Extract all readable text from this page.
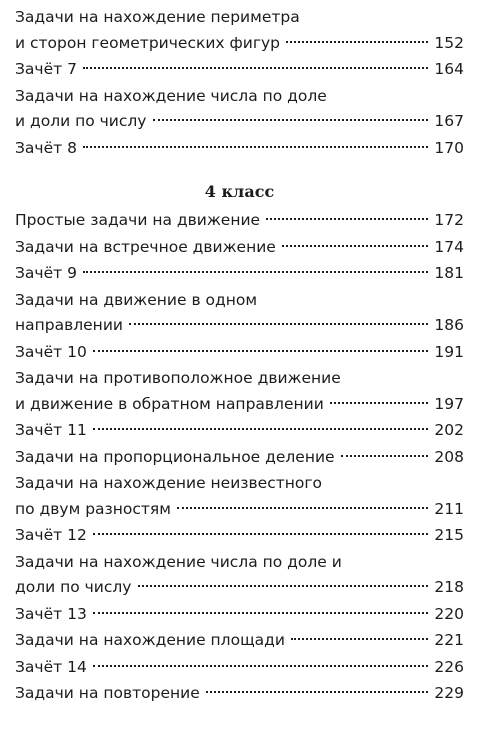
Задачи на нахождение периметра
и сторон геометрических фигур	152
Зачёт 7	164
Задачи на нахождение числа по доле
и доли по числу	167
Зачёт 8	170
4 класс
Простые задачи на движение	172
Задачи на встречное движение	174
Зачёт 9	181
Задачи на движение в одном
направлении	186
Зачёт 10	191
Задачи на противоположное движение
и движение в обратном направлении	197
Зачёт 11	202
Задачи на пропорциональное деление	208
Задачи на нахождение неизвестного
по двум разностям	211
Зачёт 12	215
Задачи на нахождение числа по доле и
доли по числу	218
Зачёт 13	220
Задачи на нахождение площади	221
Зачёт 14	226
Задачи на повторение	229
